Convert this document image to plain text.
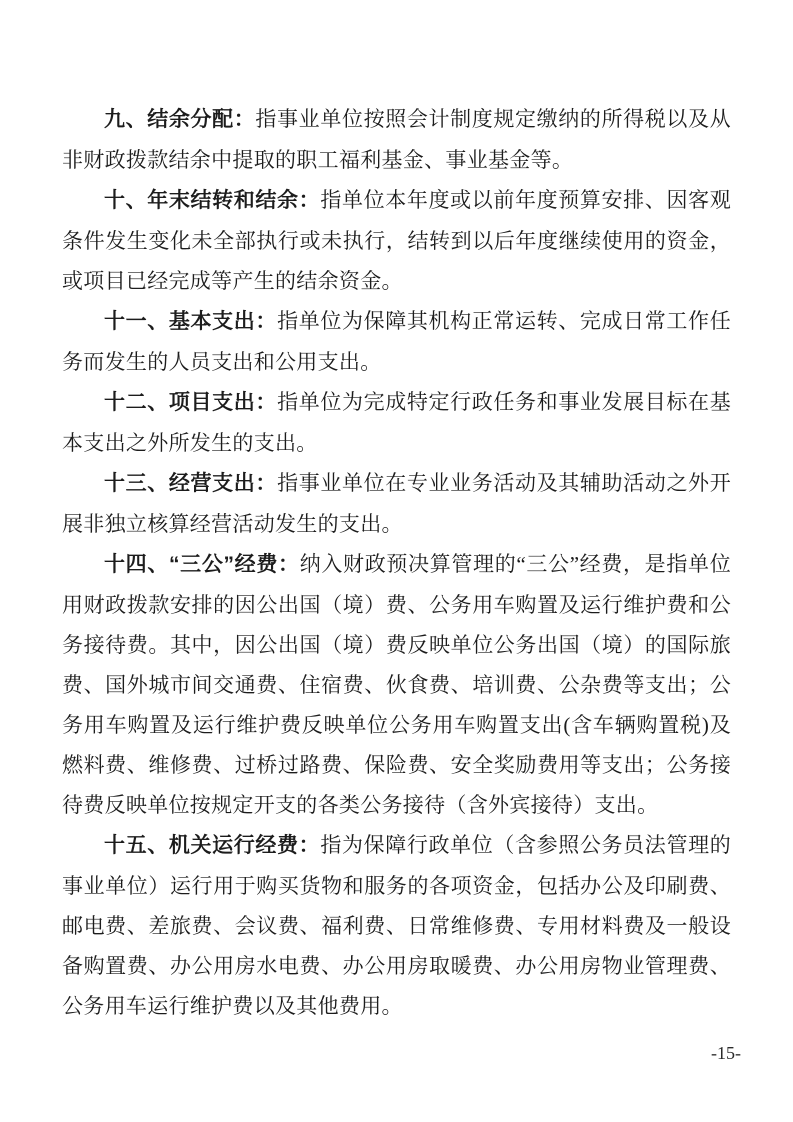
九、结余分配：指事业单位按照会计制度规定缴纳的所得税以及从非财政拨款结余中提取的职工福利基金、事业基金等。

十、年末结转和结余：指单位本年度或以前年度预算安排、因客观条件发生变化未全部执行或未执行，结转到以后年度继续使用的资金，或项目已经完成等产生的结余资金。

十一、基本支出：指单位为保障其机构正常运转、完成日常工作任务而发生的人员支出和公用支出。

十二、项目支出：指单位为完成特定行政任务和事业发展目标在基本支出之外所发生的支出。

十三、经营支出：指事业单位在专业业务活动及其辅助活动之外开展非独立核算经营活动发生的支出。

十四、“三公”经费：纳入财政预决算管理的“三公”经费，是指单位用财政拨款安排的因公出国（境）费、公务用车购置及运行维护费和公务接待费。其中，因公出国（境）费反映单位公务出国（境）的国际旅费、国外城市间交通费、住宿费、伙食费、培训费、公杂费等支出；公务用车购置及运行维护费反映单位公务用车购置支出(含车辆购置税)及燃料费、维修费、过桥过路费、保险费、安全奖励费用等支出；公务接待费反映单位按规定开支的各类公务接待（含外宾接待）支出。

十五、机关运行经费：指为保障行政单位（含参照公务员法管理的事业单位）运行用于购买货物和服务的各项资金，包括办公及印刷费、邮电费、差旅费、会议费、福利费、日常维修费、专用材料费及一般设备购置费、办公用房水电费、办公用房取暖费、办公用房物业管理费、公务用车运行维护费以及其他费用。

-15-
